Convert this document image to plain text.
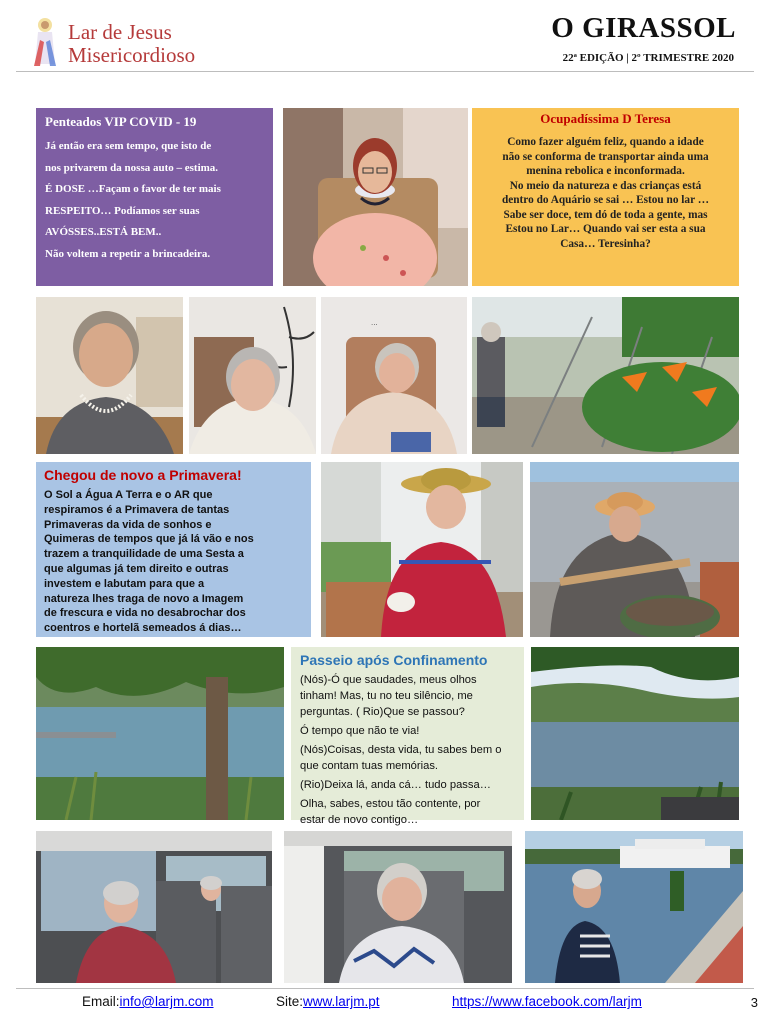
Lar de Jesus
Misericordioso
O GIRASSOL
22ª EDIÇÃO | 2º TRIMESTRE 2020
Penteados VIP COVID - 19

Já então era sem tempo, que isto de

nos privarem da nossa auto – estima.

É DOSE …Façam o favor de ter mais

RESPEITO… Podíamos ser suas

AVÓSSES..ESTÁ BEM..

Não voltem a repetir a brincadeira.

Ocupadíssima D Teresa

Como fazer alguém feliz, quando a idade

não se conforma de transportar ainda uma

menina rebolica e inconformada.

No meio da natureza e das crianças está

dentro do Aquário se sai … Estou no lar …

Sabe ser doce, tem dó de toda a gente, mas

Estou no Lar… Quando vai ser esta a sua

Casa… Teresinha?

...
Chegou de novo a Primavera!

O Sol a Água A Terra e o AR que

respiramos é a Primavera de tantas

Primaveras da vida de sonhos e

Quimeras de tempos que já lá vão e nos

trazem a tranquilidade de uma Sesta a

que algumas já tem direito e outras

investem e labutam para que a

natureza lhes traga de novo a Imagem

de frescura e vida no desabrochar dos

coentros e hortelã semeados á dias…

Passeio após Confinamento
(Nós)-Ó que saudades, meus olhos
tinham! Mas, tu no teu silêncio, me
perguntas. ( Rio)Que se passou?
Ó tempo que não te via!
(Nós)Coisas, desta vida, tu sabes bem o
que contam tuas memórias.
(Rio)Deixa lá, anda cá… tudo passa…
Olha, sabes, estou tão contente, por
estar de novo contigo…
Email:info@larjm.com	Site:www.larjm.pt	https://www.facebook.com/larjm	3
